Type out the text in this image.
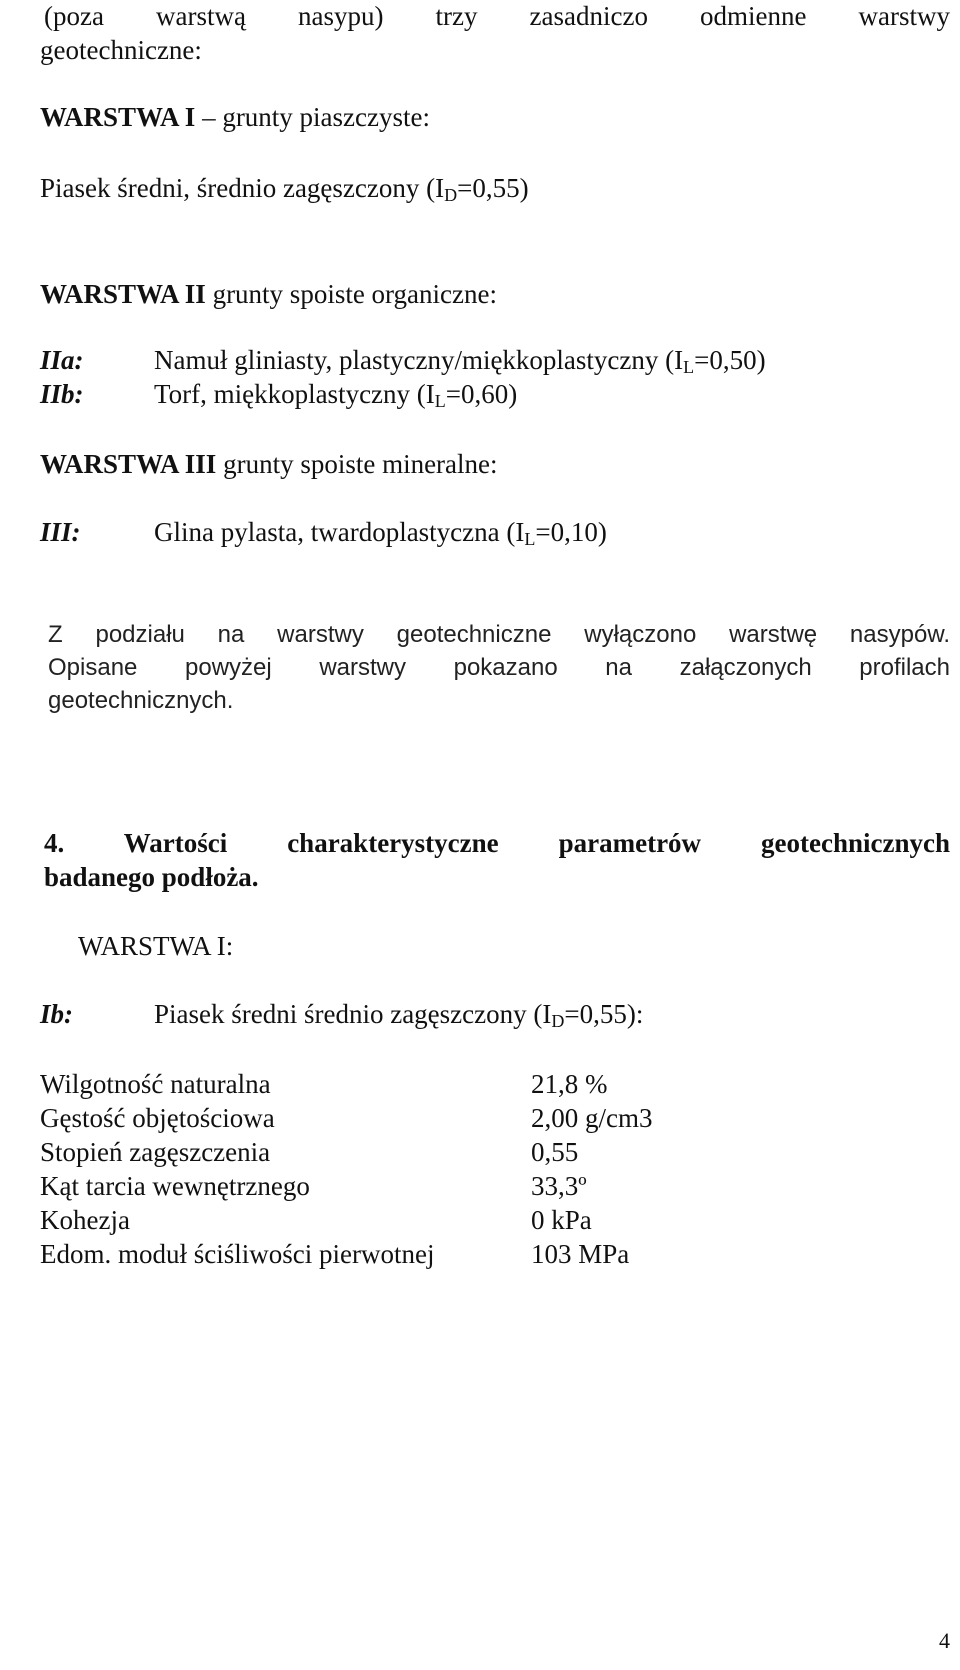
(poza warstwą nasypu) trzy zasadniczo odmienne warstwy
geotechniczne:
WARSTWA I – grunty piaszczyste:
Piasek średni, średnio zagęszczony $(I_D=0,55)$
WARSTWA II grunty spoiste organiczne:
IIa:	Namuł gliniasty, plastyczny/miękkoplastyczny $(I_L=0,50)$
IIb:	Torf, miękkoplastyczny $(I_L=0,60)$
WARSTWA III grunty spoiste mineralne:
III:	Glina pylasta, twardoplastyczna $(I_L=0,10)$
Z podziału na warstwy geotechniczne wyłączono warstwę nasypów.
Opisane powyżej warstwy pokazano na załączonych profilach
geotechnicznych.
4. Wartości charakterystyczne parametrów geotechnicznych
badanego podłoża.
WARSTWA I:
Ib:	Piasek średni średnio zagęszczony $(I_D=0,55)$:
Wilgotność naturalna	21,8 %
Gęstość objętościowa	2,00 g/cm3
Stopień zagęszczenia	0,55
Kąt tarcia wewnętrznego	33,3º
Kohezja	0 kPa
Edom. moduł ściśliwości pierwotnej	103 MPa
4
